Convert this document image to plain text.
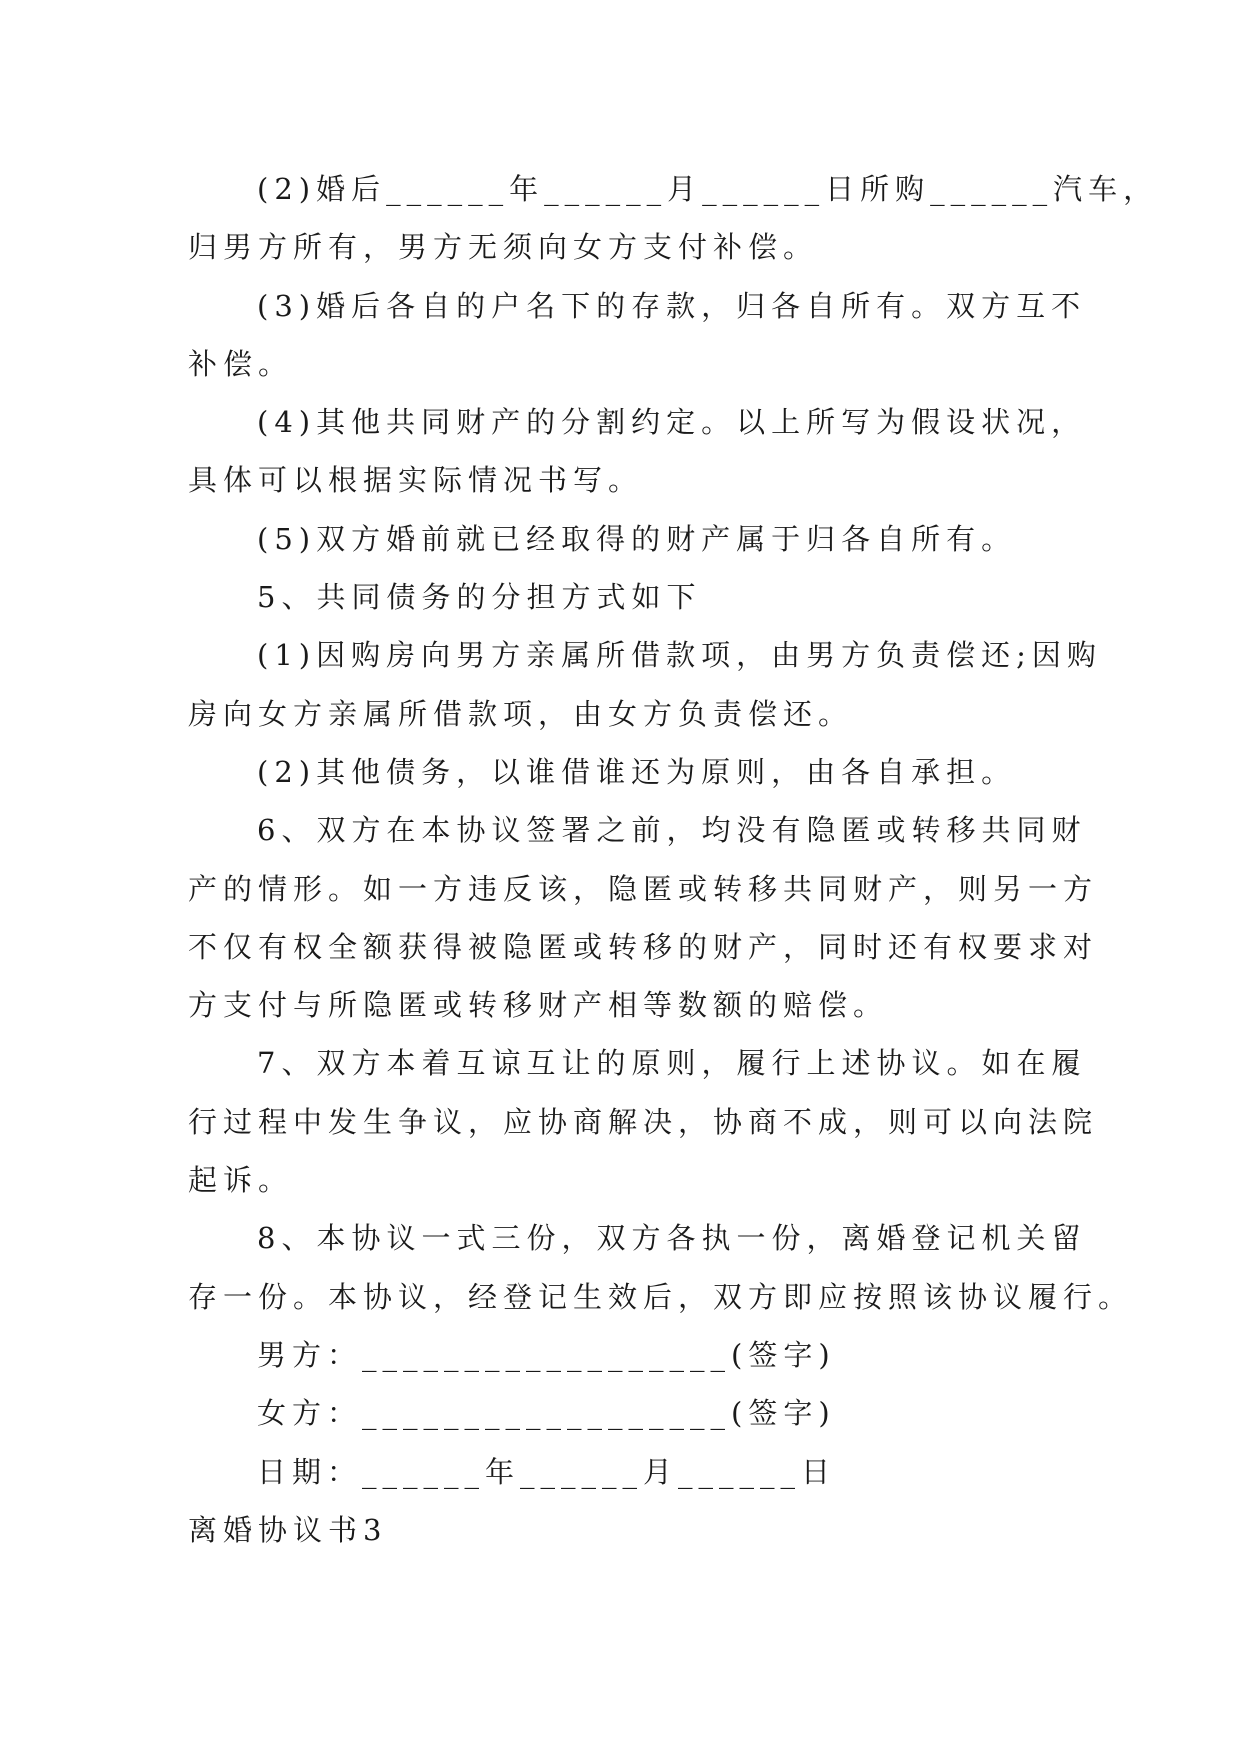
(2)婚后______年______月______日所购______汽车，
归男方所有，男方无须向女方支付补偿。
(3)婚后各自的户名下的存款，归各自所有。双方互不
补偿。
(4)其他共同财产的分割约定。以上所写为假设状况，
具体可以根据实际情况书写。
(5)双方婚前就已经取得的财产属于归各自所有。
5、共同债务的分担方式如下
(1)因购房向男方亲属所借款项，由男方负责偿还;因购
房向女方亲属所借款项，由女方负责偿还。
(2)其他债务，以谁借谁还为原则，由各自承担。
6、双方在本协议签署之前，均没有隐匿或转移共同财
产的情形。如一方违反该，隐匿或转移共同财产，则另一方
不仅有权全额获得被隐匿或转移的财产，同时还有权要求对
方支付与所隐匿或转移财产相等数额的赔偿。
7、双方本着互谅互让的原则，履行上述协议。如在履
行过程中发生争议，应协商解决，协商不成，则可以向法院
起诉。
8、本协议一式三份，双方各执一份，离婚登记机关留
存一份。本协议，经登记生效后，双方即应按照该协议履行。
男方：__________________(签字)
女方：__________________(签字)
日期：______年______月______日
离婚协议书3
